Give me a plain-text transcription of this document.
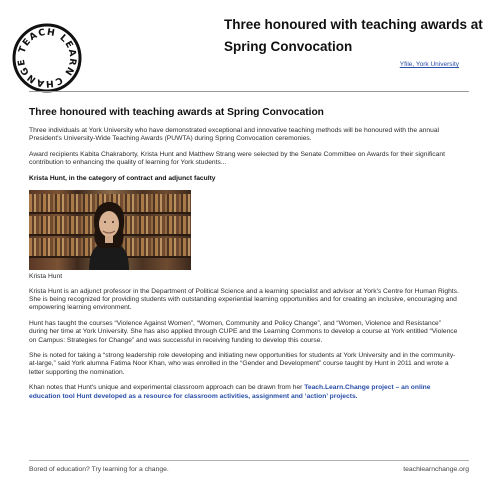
TEACH LEARN CHANGE
Three honoured with teaching awards at Spring Convocation
Yfile, York University
Three honoured with teaching awards at Spring Convocation

Three individuals at York University who have demonstrated exceptional and innovative teaching methods will be honoured with the annual President's University-Wide Teaching Awards (PUWTA) during Spring Convocation ceremonies.

Award recipients Kabita Chakraborty, Krista Hunt and Matthew Strang were selected by the Senate Committee on Awards for their significant contribution to enhancing the quality of learning for York students...

Krista Hunt, in the category of contract and adjunct faculty

Krista Hunt

Krista Hunt is an adjunct professor in the Department of Political Science and a learning specialist and advisor at York's Centre for Human Rights. She is being recognized for providing students with outstanding experiential learning opportunities and for creating an inclusive, encouraging and empowering learning environment.

Hunt has taught the courses “Violence Against Women”, “Women, Community and Policy Change”, and “Women, Violence and Resistance” during her time at York University. She has also applied through CUPE and the Learning Commons to develop a course at York entitled “Violence on Campus: Strategies for Change” and was successful in receiving funding to develop this course.

She is noted for taking a “strong leadership role developing and initiating new opportunities for students at York University and in the community-at-large,” said York alumna Fatima Noor Khan, who was enrolled in the “Gender and Development” course taught by Hunt in 2011 and wrote a letter supporting the nomination.

Khan notes that Hunt's unique and experimental classroom approach can be drawn from her Teach.Learn.Change project – an online education tool Hunt developed as a resource for classroom activities, assignment and ‘action’ projects.

Bored of education? Try learning for a change.	teachlearnchange.org
